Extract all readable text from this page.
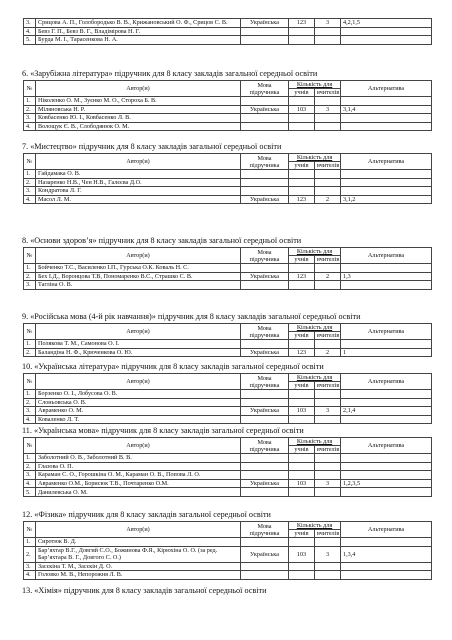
3.	Срицова А. П., Голобородько В. В., Крижановський О. Ф., Срицов С. В.	Українська	123	3	4,2,1,5
4.	Бевз Г. П., Бевз В. Г., Владімірова Н. Г.				
5.	Бурда М. І., Тарасенкова Н. А.				
6. «Зарубіжна література» підручник для 8 класу закладів загальної середньої освіти
№	Автор(и)	Мова підручника	Кількість для		Альтернатива
			учнів	вчителів	
1.	Ніколенко О. М., Зуєнко М. О., Стороха Б. В.				
2.	Міляновська Н. Р.	Українська	103	3	3,1,4
3.	Ковбасенко Ю. І., Ковбасенко Л. В.				
4.	Волощук Є. В., Слободянюк О. М.				
7. «Мистецтво» підручник для 8 класу закладів загальної середньої освіти
№	Автор(и)	Мова підручника	Кількість для		Альтернатива
			учнів	вчителів	
1.	Гайдамака О. В.				
2.	Назаренко Н.В., Чен Н.В., Галєєва Д.О.				
3.	Кондратова Л. Г.				
4.	Масол Л. М.	Українська	123	2	3,1,2
8. «Основи здоров’я» підручник для 8 класу закладів загальної середньої освіти
№	Автор(и)	Мова підручника	Кількість для		Альтернатива
			учнів	вчителів	
1.	Бойченко Т.С., Василенко І.П., Гурська О.К. Коваль Н. С.				
2.	Бех І.Д., Воронцова Т.В, Пономаренко В.С., Страшко С. В.	Українська	123	2	1,3
3.	Тагліна О. В.				
9. «Російська мова (4-й рік навчання)» підручник для 8 класу закладів загальної середньої освіти
№	Автор(и)	Мова підручника	Кількість для		Альтернатива
			учнів	вчителів	
1.	Полякова Т. М., Самонова О. І.				
2.	Баландіна Н. Ф., Крюченкова О. Ю.	Українська	123	2	1
10. «Українська література» підручник для 8 класу закладів загальної середньої освіти
№	Автор(и)	Мова підручника	Кількість для		Альтернатива
			учнів	вчителів	
1.	Борзенко О. І., Лобусова О. В.				
2.	Слоньовська О. В.				
3.	Авраменко О. М.	Українська	103	3	2,1,4
4.	Коваленко Л. Т.				
11. «Українська мова» підручник для 8 класу закладів загальної середньої освіти
№	Автор(и)	Мова підручника	Кількість для		Альтернатива
			учнів	вчителів	
1.	Заболотний О. В., Заболотний В. В.				
2.	Глазова О. П.				
3.	Караман С. О., Горошкіна О. М., Караман О. В., Попова Л. О.				
4.	Авраменко О.М., Борисюк Т.В., Почтаренко О.М.	Українська	103	3	1,2,3,5
5.	Данилевська О. М.				
12. «Фізика» підручник для 8 класу закладів загальної середньої освіти
№	Автор(и)	Мова підручника	Кількість для		Альтернатива
			учнів	вчителів	
1.	Сиротюк В. Д.				
2.	Бар’яхтар В.Г., Довгий С.О., Божинова Ф.Я., Кірюхіна О. О. (за ред. Бар’яхтара В. Г., Довгого С. О.)	Українська	103	3	1,3,4
3.	Засєкіна Т. М., Засєкін Д. О.				
4.	Головко М. В., Непорожня Л. В.				
13. «Хімія» підручник для 8 класу закладів загальної середньої освіти
